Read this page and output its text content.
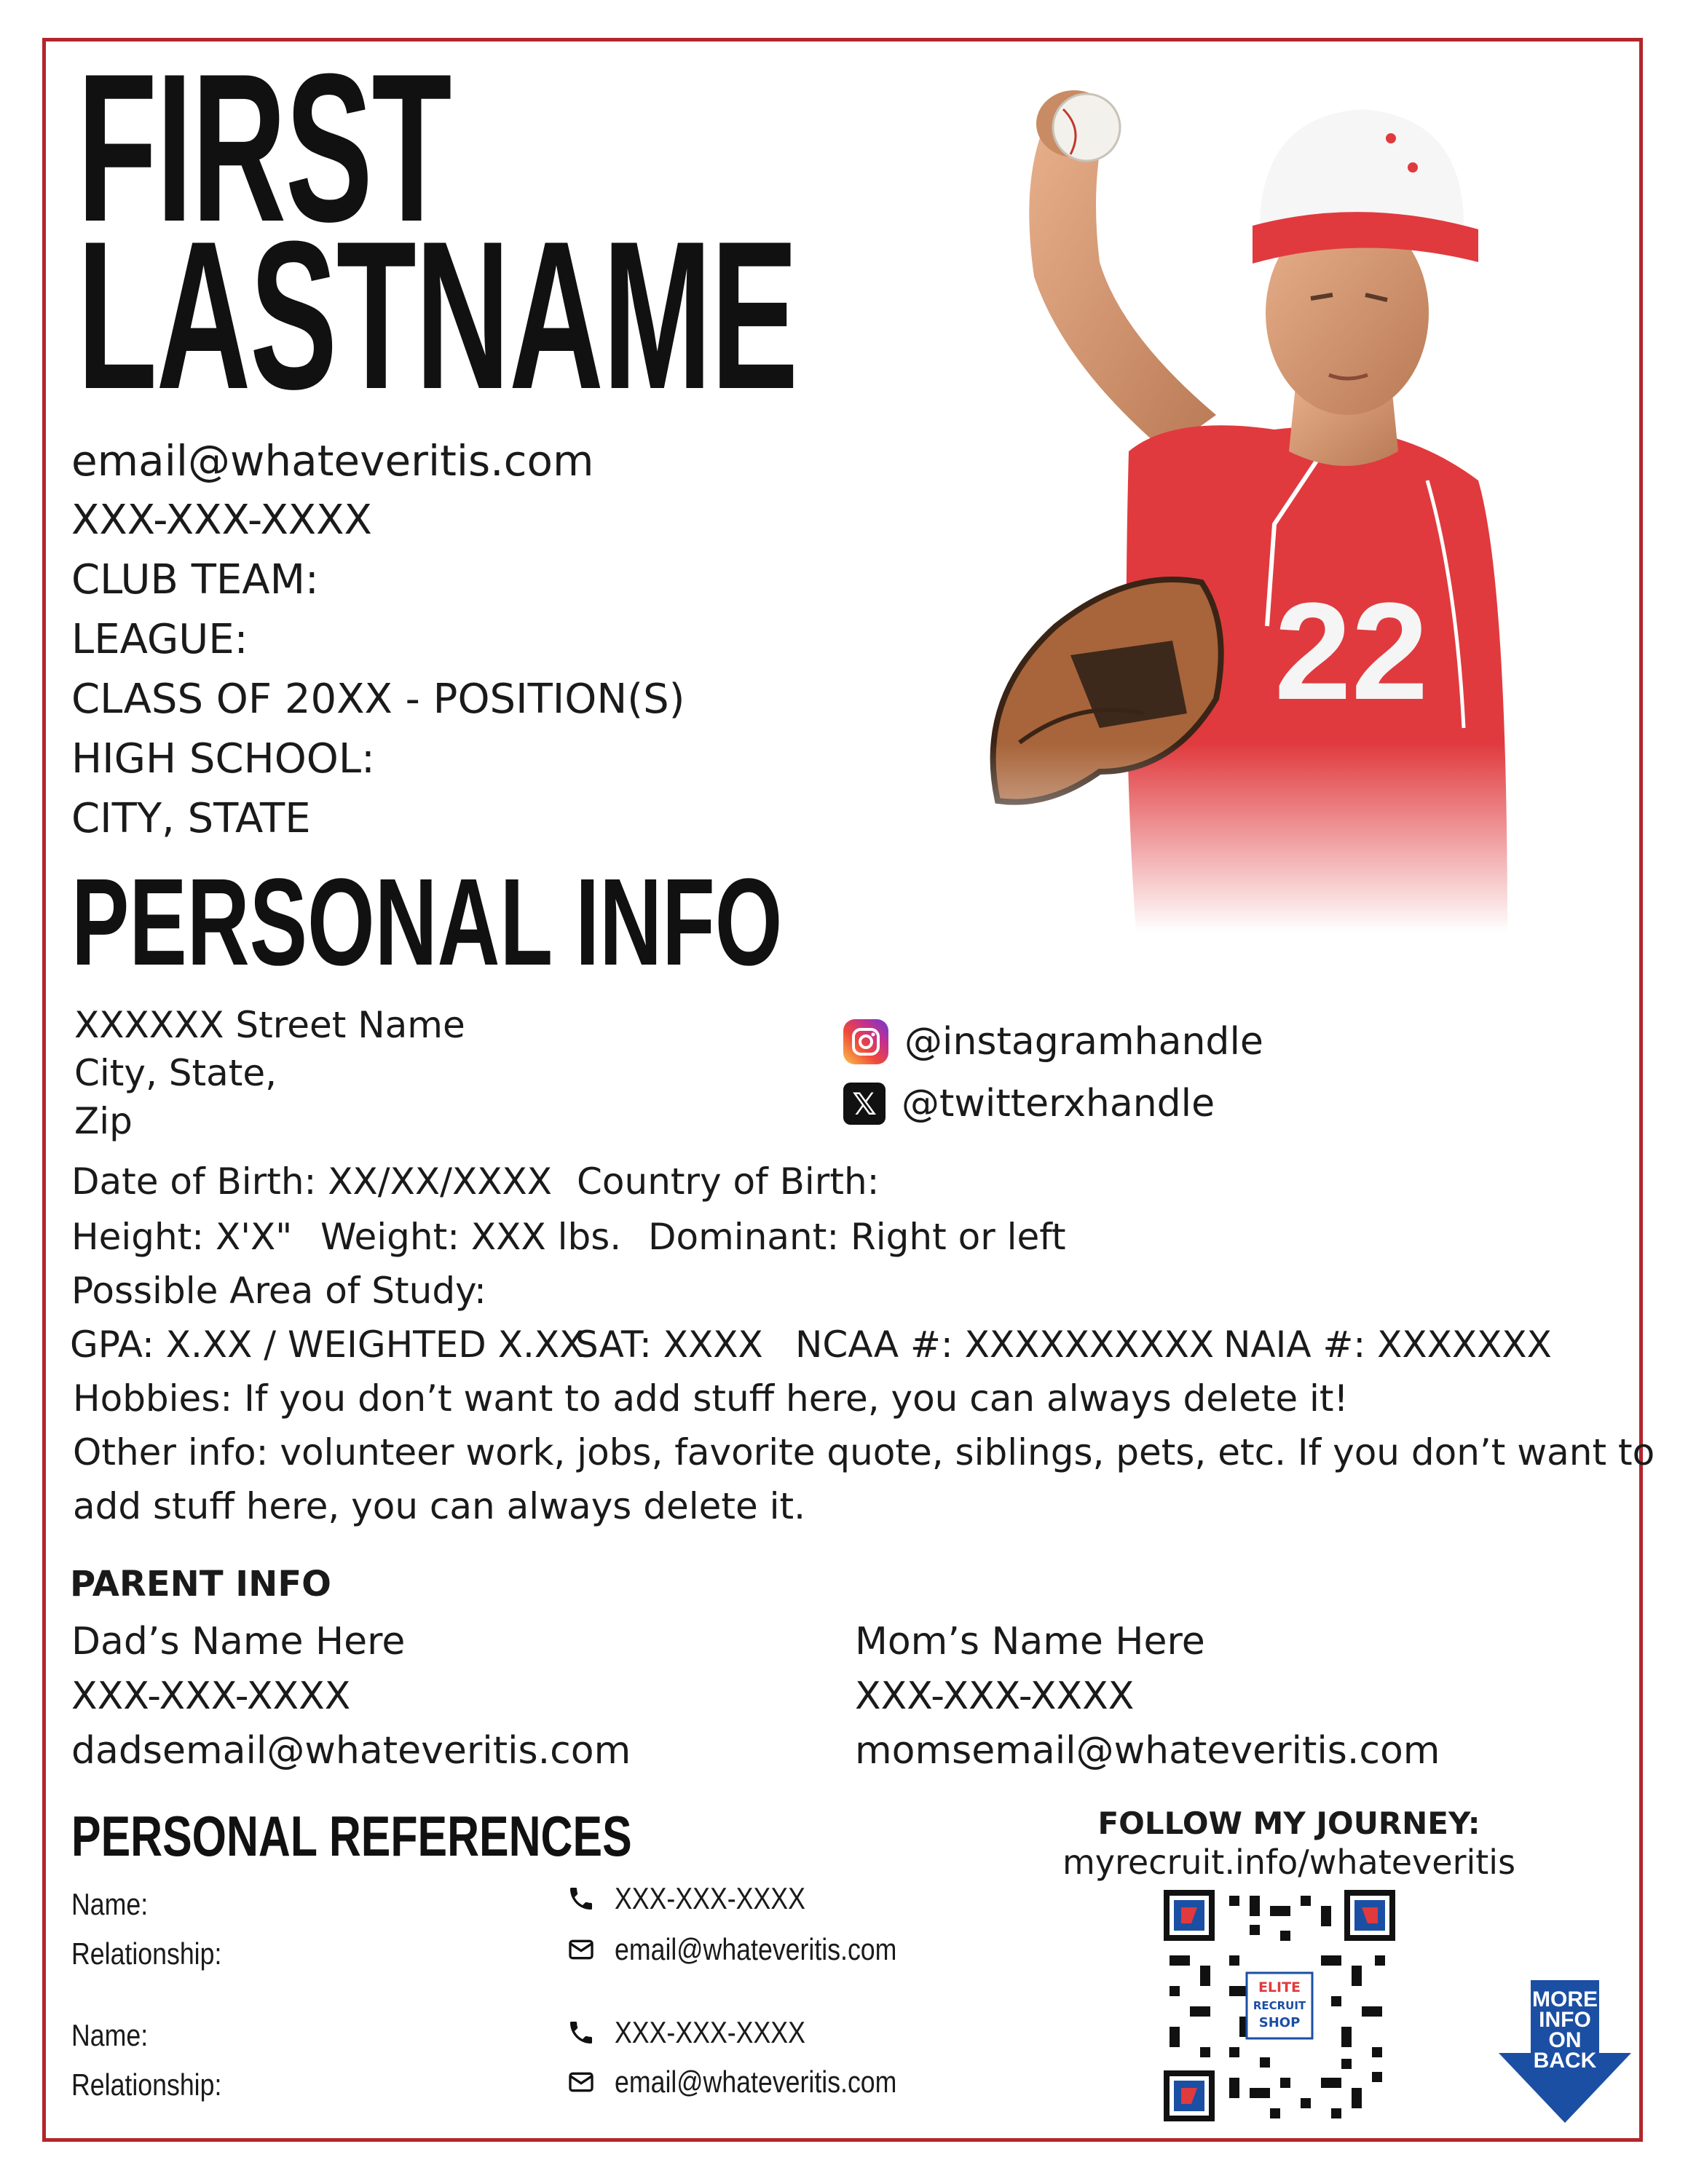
FIRST
LASTNAME
email@whateveritis.com
XXX-XXX-XXXX
CLUB TEAM:
LEAGUE:
CLASS OF 20XX - POSITION(S)
HIGH SCHOOL:
CITY, STATE
PERSONAL INFO
XXXXXX Street Name
City, State,
Zip
@instagramhandle
𝕏 @twitterxhandle
Date of Birth: XX/XX/XXXX Country of Birth:
Height: X'X" Weight: XXX lbs. Dominant: Right or left
Possible Area of Study:
GPA: X.XX / WEIGHTED X.XX
SAT: XXXX NCAA #: XXXXXXXXXX NAIA #: XXXXXXX
Hobbies: If you don’t want to add stuff here, you can always delete it!
Other info: volunteer work, jobs, favorite quote, siblings, pets, etc. If you don’t want to
add stuff here, you can always delete it.
PARENT INFO
Dad’s Name Here
XXX-XXX-XXXX
dadsemail@whateveritis.com
Mom’s Name Here
XXX-XXX-XXXX
momsemail@whateveritis.com
PERSONAL REFERENCES
Name:
Relationship:
XXX-XXX-XXXX
email@whateveritis.com
Name:
Relationship:
XXX-XXX-XXXX
email@whateveritis.com
FOLLOW MY JOURNEY:
myrecruit.info/whateveritis
ELITE
RECRUIT
SHOP
MORE
INFO
ON
BACK
